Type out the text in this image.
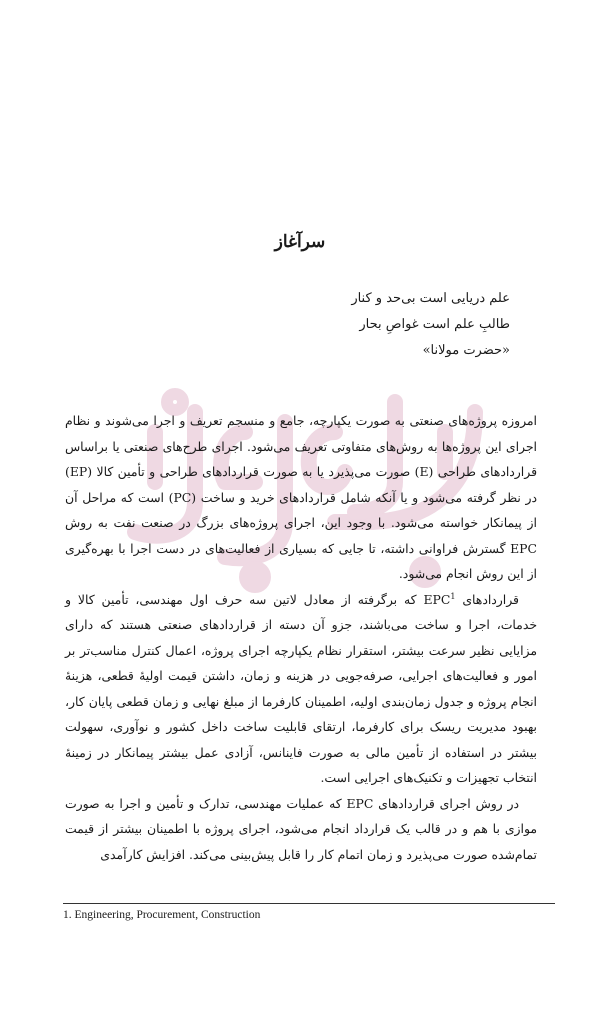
سرآغاز
علم دریایی است بی‌حد و کنار
طالبِ علم است غواصِ بحار
«حضرت مولانا»

امروزه پروژه‌های صنعتی به صورت یکپارچه، جامع و منسجم تعریف و اجرا می‌شوند و نظام اجرای این پروژه‌ها به روش‌های متفاوتی تعریف می‌شود. اجرای طرح‌های صنعتی یا براساس قراردادهای طراحی (E) صورت می‌پذیرد یا به صورت قراردادهای طراحی و تأمین کالا (EP) در نظر گرفته می‌شود و یا آنکه شامل قراردادهای خرید و ساخت (PC) است که مراحل آن از پیمانکار خواسته می‌شود. با وجود این، اجرای پروژه‌های بزرگ در صنعت نفت به روش EPC گسترش فراوانی داشته، تا جایی که بسیاری از فعالیت‌های در دست اجرا با بهره‌گیری از این روش انجام می‌شود.

قراردادهای EPC$^1$ که برگرفته از معادل لاتین سه حرف اول مهندسی، تأمین کالا و خدمات، اجرا و ساخت می‌باشند، جزو آن دسته از قراردادهای صنعتی هستند که دارای مزایایی نظیر سرعت بیشتر، استقرار نظام یکپارچه اجرای پروژه، اعمال کنترل مناسب‌تر بر امور و فعالیت‌های اجرایی، صرفه‌جویی در هزینه و زمان، داشتن قیمت اولیهٔ قطعی، هزینهٔ انجام پروژه و جدول زمان‌بندی اولیه، اطمینان کارفرما از مبلغ نهایی و زمان قطعی پایان کار، بهبود مدیریت ریسک برای کارفرما، ارتقای قابلیت ساخت داخل کشور و نوآوری، سهولت بیشتر در استفاده از تأمین مالی به صورت فاینانس، آزادی عمل بیشتر پیمانکار در زمینهٔ انتخاب تجهیزات و تکنیک‌های اجرایی است.

در روش اجرای قراردادهای EPC که عملیات مهندسی، تدارک و تأمین و اجرا به صورت موازی با هم و در قالب یک قرارداد انجام می‌شود، اجرای پروژه با اطمینان بیشتر از قیمت تمام‌شده صورت می‌پذیرد و زمان اتمام کار را قابل پیش‌بینی می‌کند. افزایش کارآمدی

1. Engineering, Procurement, Construction
